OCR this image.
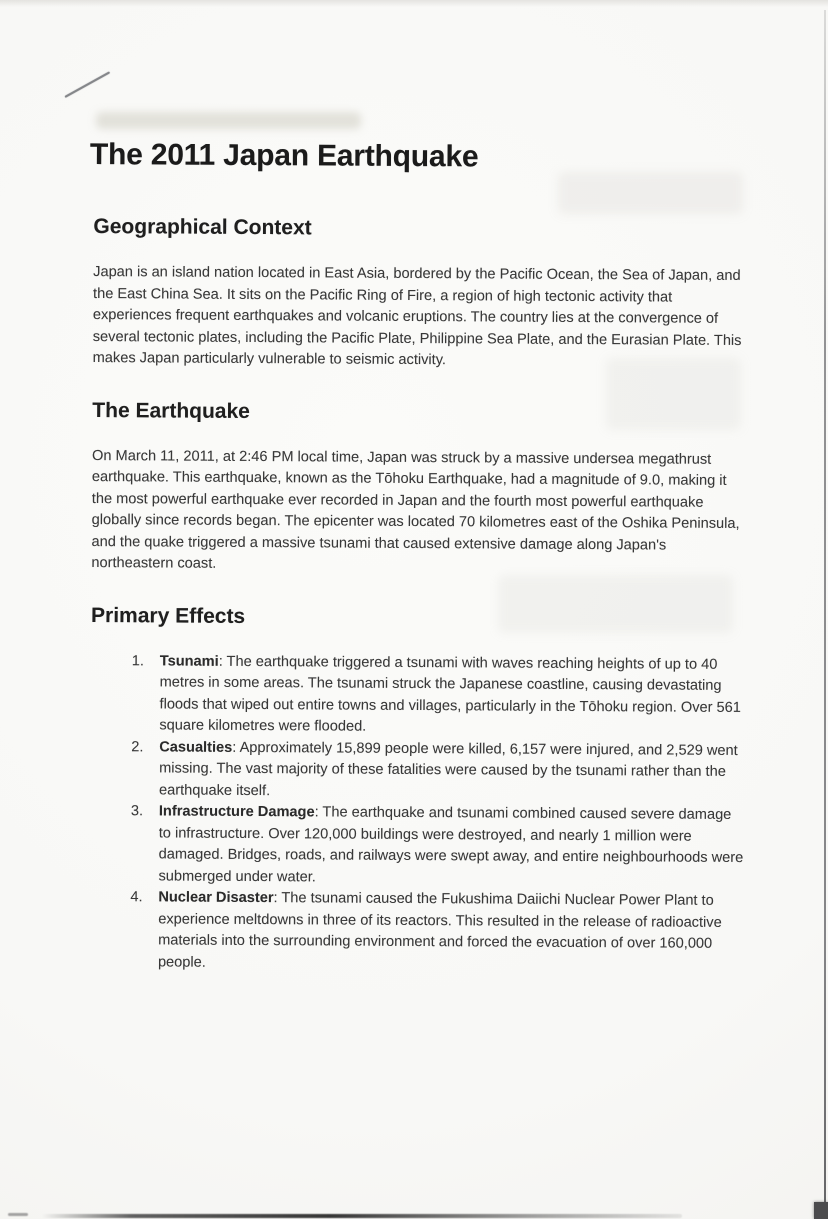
The 2011 Japan Earthquake
Geographical Context

Japan is an island nation located in East Asia, bordered by the Pacific Ocean, the Sea of Japan, and the East China Sea. It sits on the Pacific Ring of Fire, a region of high tectonic activity that experiences frequent earthquakes and volcanic eruptions. The country lies at the convergence of several tectonic plates, including the Pacific Plate, Philippine Sea Plate, and the Eurasian Plate. This makes Japan particularly vulnerable to seismic activity.

The Earthquake

On March 11, 2011, at 2:46 PM local time, Japan was struck by a massive undersea megathrust earthquake. This earthquake, known as the Tōhoku Earthquake, had a magnitude of 9.0, making it the most powerful earthquake ever recorded in Japan and the fourth most powerful earthquake globally since records began. The epicenter was located 70 kilometres east of the Oshika Peninsula, and the quake triggered a massive tsunami that caused extensive damage along Japan's northeastern coast.

Primary Effects
1. Tsunami: The earthquake triggered a tsunami with waves reaching heights of up to 40 metres in some areas. The tsunami struck the Japanese coastline, causing devastating floods that wiped out entire towns and villages, particularly in the Tōhoku region. Over 561 square kilometres were flooded.
2. Casualties: Approximately 15,899 people were killed, 6,157 were injured, and 2,529 went missing. The vast majority of these fatalities were caused by the tsunami rather than the earthquake itself.
3. Infrastructure Damage: The earthquake and tsunami combined caused severe damage to infrastructure. Over 120,000 buildings were destroyed, and nearly 1 million were damaged. Bridges, roads, and railways were swept away, and entire neighbourhoods were submerged under water.
4. Nuclear Disaster: The tsunami caused the Fukushima Daiichi Nuclear Power Plant to experience meltdowns in three of its reactors. This resulted in the release of radioactive materials into the surrounding environment and forced the evacuation of over 160,000 people.
